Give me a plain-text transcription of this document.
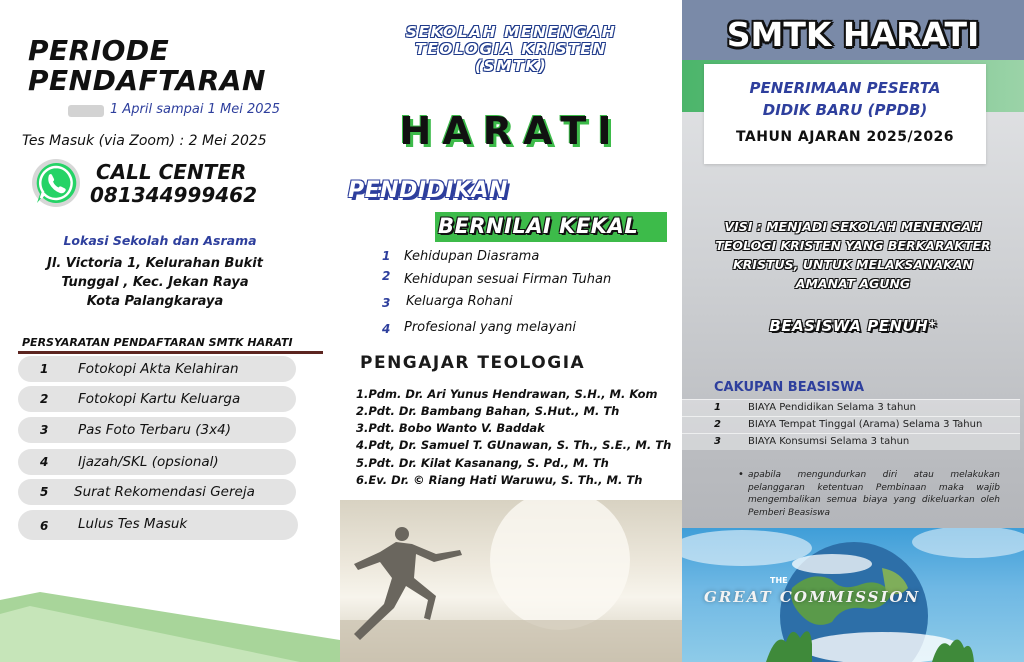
PERIODE
PENDAFTARAN
1 April sampai 1 Mei 2025
Tes Masuk (via Zoom) : 2 Mei 2025
CALL CENTER
081344999462
Lokasi Sekolah dan Asrama
Jl. Victoria 1, Kelurahan Bukit
Tunggal , Kec. Jekan Raya
Kota Palangkaraya
PERSYARATAN PENDAFTARAN SMTK HARATI
1 Fotokopi Akta Kelahiran
2 Fotokopi Kartu Keluarga
3 Pas Foto Terbaru (3x4)
4 Ijazah/SKL (opsional)
5 Surat Rekomendasi Gereja
6 Lulus Tes Masuk
SEKOLAH MENENGAH
TEOLOGIA KRISTEN
(SMTK)
HARATI
PENDIDIKAN
BERNILAI KEKAL
1 Kehidupan Diasrama
2 Kehidupan sesuai Firman Tuhan
3 Keluarga Rohani
4 Profesional yang melayani
PENGAJAR TEOLOGIA
1.Pdm. Dr. Ari Yunus Hendrawan, S.H., M. Kom
2.Pdt. Dr. Bambang Bahan, S.Hut., M. Th
3.Pdt. Bobo Wanto V. Baddak
4.Pdt, Dr. Samuel T. GUnawan, S. Th., S.E., M. Th
5.Pdt. Dr. Kilat Kasanang, S. Pd., M. Th
6.Ev. Dr. © Riang Hati Waruwu, S. Th., M. Th
SMTK HARATI
PENERIMAAN PESERTA
DIDIK BARU (PPDB)
TAHUN AJARAN 2025/2026
VISI : MENJADI SEKOLAH MENENGAH
TEOLOGI KRISTEN YANG BERKARAKTER
KRISTUS, UNTUK MELAKSANAKAN
AMANAT AGUNG
BEASISWA PENUH*
CAKUPAN BEASISWA
1	BIAYA Pendidikan Selama 3 tahun
2	BIAYA Tempat Tinggal (Arama) Selama 3 Tahun
3	BIAYA Konsumsi Selama 3 tahun
• apabila mengundurkan diri atau melakukan pelanggaran ketentuan Pembinaan maka wajib mengembalikan semua biaya yang dikeluarkan oleh Pemberi Beasiswa
THE
GREAT COMMISSION
